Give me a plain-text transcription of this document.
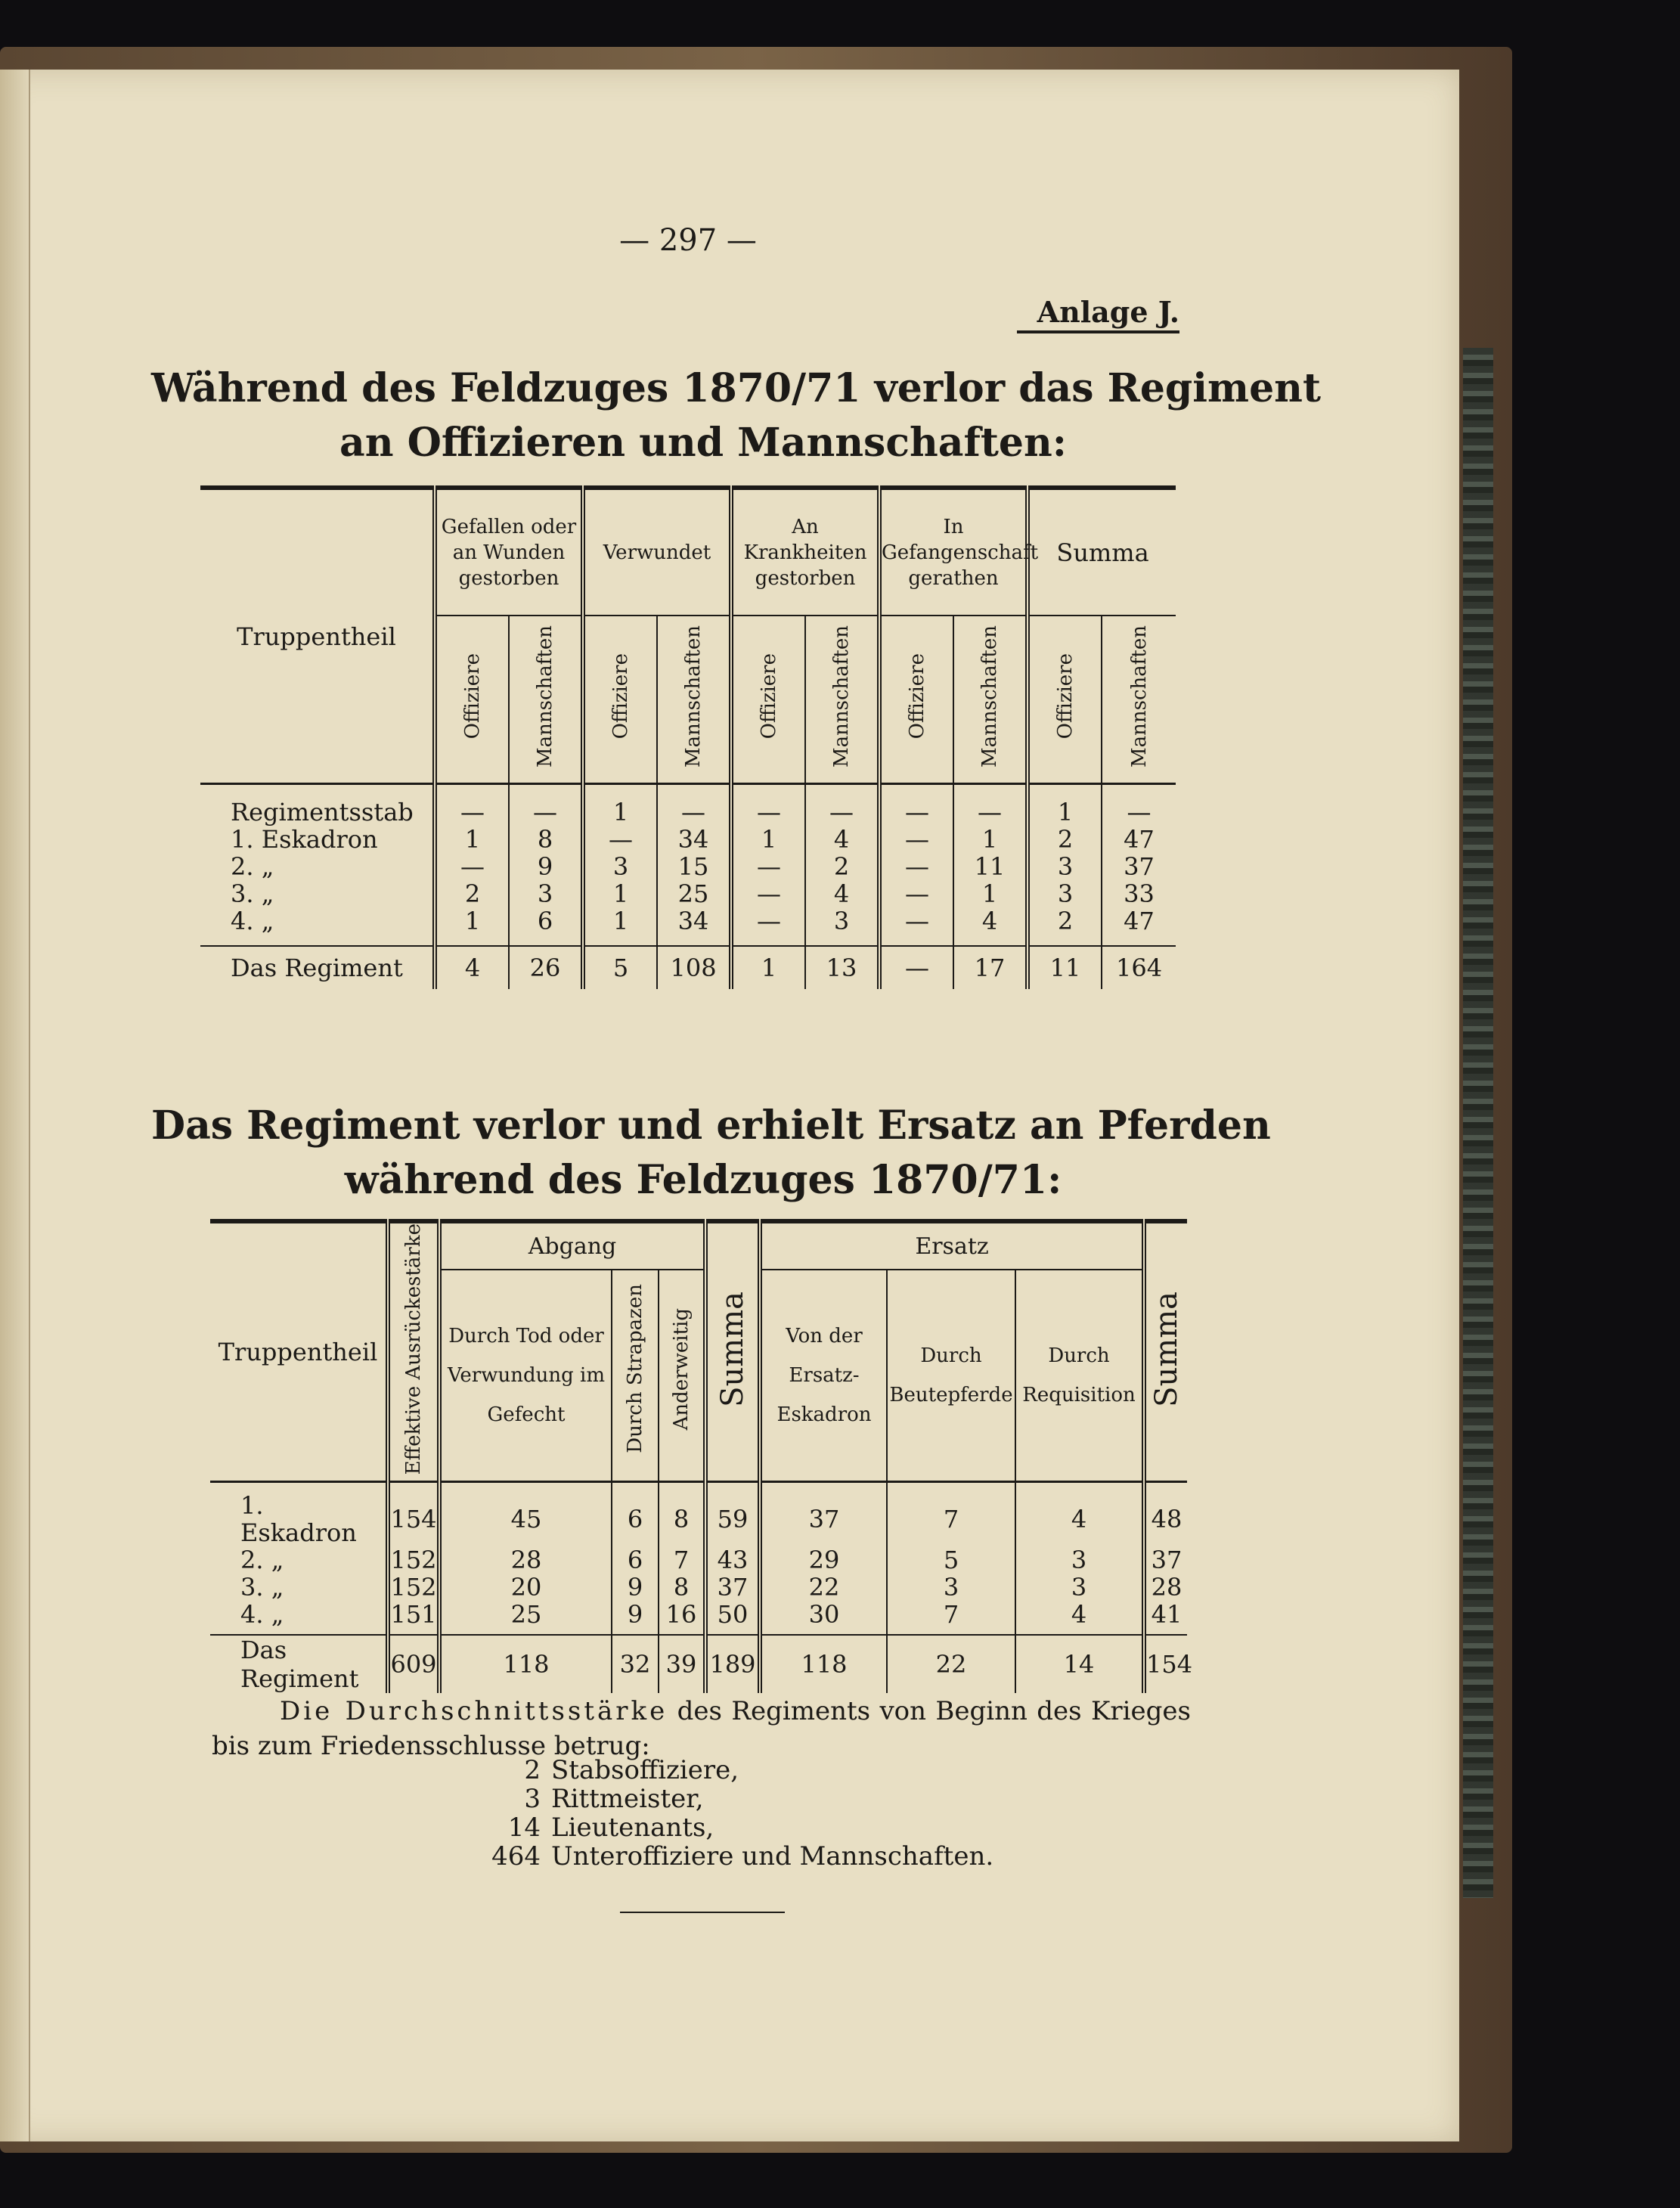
— 297 —
Anlage J.
Während des Feldzuges 1870/71 verlor das Regiment
an Offizieren und Mannschaften:
Truppentheil	Gefallen oder an Wunden gestorben		Verwundet		An Krankheiten gestorben		In Gefangenschaft gerathen		Summa	
	Offiziere	Mannschaften	Offiziere	Mannschaften	Offiziere	Mannschaften	Offiziere	Mannschaften	Offiziere	Mannschaften
Regimentsstab	—	—	1	—	—	—	—	—	1	—
1. Eskadron	1	8	—	34	1	4	—	1	2	47
2. „	—	9	3	15	—	2	—	11	3	37
3. „	2	3	1	25	—	4	—	1	3	33
4. „	1	6	1	34	—	3	—	4	2	47
Das Regiment	4	26	5	108	1	13	—	17	11	164
Das Regiment verlor und erhielt Ersatz an Pferden
während des Feldzuges 1870/71:
Truppentheil	Effektive Ausrückestärke	Abgang			Summa	Ersatz			Summa
		Durch Tod oder Verwundung im Gefecht	Durch Strapazen	Anderweitig		Von der Ersatz-Eskadron	Durch Beutepferde	Durch Requisition	
1. Eskadron	154	45	6	8	59	37	7	4	48
2. „	152	28	6	7	43	29	5	3	37
3. „	152	20	9	8	37	22	3	3	28
4. „	151	25	9	16	50	30	7	4	41
Das Regiment	609	118	32	39	189	118	22	14	154
Die Durchschnittsstärke des Regiments von Beginn des Krieges bis zum Friedensschlusse betrug:
2 Stabsoffiziere,
3 Rittmeister,
14 Lieutenants,
464 Unteroffiziere und Mannschaften.
